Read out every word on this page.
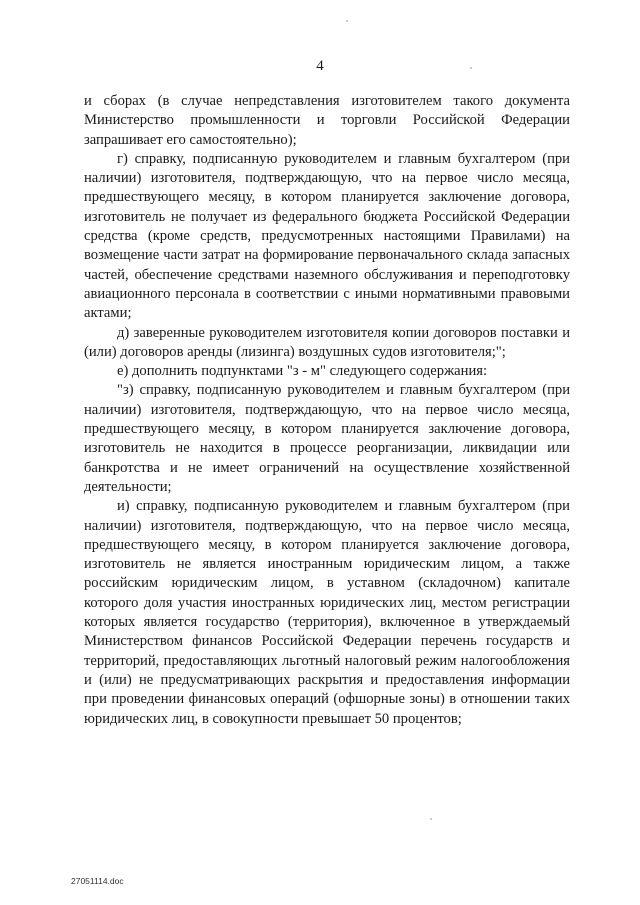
4

и сборах (в случае непредставления изготовителем такого документа Министерство промышленности и торговли Российской Федерации запрашивает его самостоятельно);

г) справку, подписанную руководителем и главным бухгалтером (при наличии) изготовителя, подтверждающую, что на первое число месяца, предшествующего месяцу, в котором планируется заключение договора, изготовитель не получает из федерального бюджета Российской Федерации средства (кроме средств, предусмотренных настоящими Правилами) на возмещение части затрат на формирование первоначального склада запасных частей, обеспечение средствами наземного обслуживания и переподготовку авиационного персонала в соответствии с иными нормативными правовыми актами;

д) заверенные руководителем изготовителя копии договоров поставки и (или) договоров аренды (лизинга) воздушных судов изготовителя;";

е) дополнить подпунктами "з - м" следующего содержания:

"з) справку, подписанную руководителем и главным бухгалтером (при наличии) изготовителя, подтверждающую, что на первое число месяца, предшествующего месяцу, в котором планируется заключение договора, изготовитель не находится в процессе реорганизации, ликвидации или банкротства и не имеет ограничений на осуществление хозяйственной деятельности;

и) справку, подписанную руководителем и главным бухгалтером (при наличии) изготовителя, подтверждающую, что на первое число месяца, предшествующего месяцу, в котором планируется заключение договора, изготовитель не является иностранным юридическим лицом, а также российским юридическим лицом, в уставном (складочном) капитале которого доля участия иностранных юридических лиц, местом регистрации которых является государство (территория), включенное в утверждаемый Министерством финансов Российской Федерации перечень государств и территорий, предоставляющих льготный налоговый режим налогообложения и (или) не предусматривающих раскрытия и предоставления информации при проведении финансовых операций (офшорные зоны) в отношении таких юридических лиц, в совокупности превышает 50 процентов;

27051114.doc
